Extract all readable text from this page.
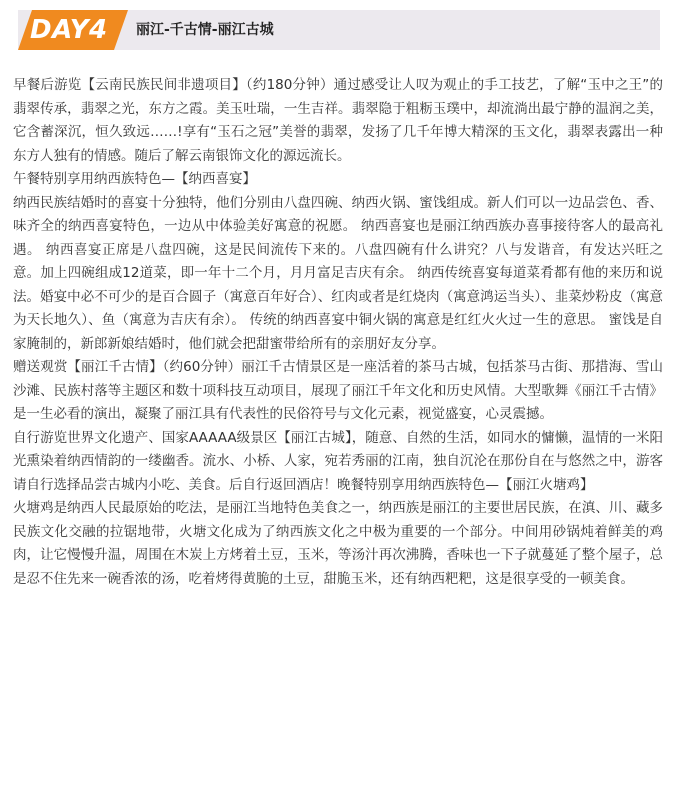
DAY4 丽江-千古情-丽江古城

早餐后游览【云南民族民间非遗项目】（约180分钟）通过感受让人叹为观止的手工技艺，了解“玉中之王”的翡翠传承，翡翠之光，东方之霞。美玉吐瑞，一生吉祥。翡翠隐于粗粝玉璞中，却流淌出最宁静的温润之美，它含蓄深沉，恒久致远……!享有“玉石之冠”美誉的翡翠，发扬了几千年博大精深的玉文化，翡翠表露出一种东方人独有的情感。随后了解云南银饰文化的源远流长。

午餐特别享用纳西族特色—【纳西喜宴】

纳西民族结婚时的喜宴十分独特，他们分别由八盘四碗、纳西火锅、蜜饯组成。新人们可以一边品尝色、香、味齐全的纳西喜宴特色，一边从中体验美好寓意的祝愿。 纳西喜宴也是丽江纳西族办喜事接待客人的最高礼遇。 纳西喜宴正席是八盘四碗，这是民间流传下来的。八盘四碗有什么讲究？八与发谐音，有发达兴旺之意。加上四碗组成12道菜，即一年十二个月，月月富足吉庆有余。 纳西传统喜宴每道菜肴都有他的来历和说法。婚宴中必不可少的是百合圆子（寓意百年好合）、红肉或者是红烧肉（寓意鸿运当头）、韭菜炒粉皮（寓意为天长地久）、鱼（寓意为吉庆有余）。 传统的纳西喜宴中铜火锅的寓意是红红火火过一生的意思。 蜜饯是自家腌制的，新郎新娘结婚时，他们就会把甜蜜带给所有的亲朋好友分享。

赠送观赏【丽江千古情】（约60分钟）丽江千古情景区是一座活着的茶马古城，包括茶马古街、那措海、雪山沙滩、民族村落等主题区和数十项科技互动项目，展现了丽江千年文化和历史风情。大型歌舞《丽江千古情》是一生必看的演出，凝聚了丽江具有代表性的民俗符号与文化元素，视觉盛宴，心灵震撼。

自行游览世界文化遗产、国家AAAAA级景区【丽江古城】，随意、自然的生活，如同水的慵懒，温情的一米阳光熏染着纳西情韵的一缕幽香。流水、小桥、人家，宛若秀丽的江南，独自沉沦在那份自在与悠然之中，游客请自行选择品尝古城内小吃、美食。后自行返回酒店！晚餐特别享用纳西族特色—【丽江火塘鸡】

火塘鸡是纳西人民最原始的吃法，是丽江当地特色美食之一，纳西族是丽江的主要世居民族，在滇、川、藏多民族文化交融的拉锯地带，火塘文化成为了纳西族文化之中极为重要的一个部分。中间用砂锅炖着鲜美的鸡肉，让它慢慢升温，周围在木炭上方烤着土豆，玉米，等汤汁再次沸腾，香味也一下子就蔓延了整个屋子，总是忍不住先来一碗香浓的汤，吃着烤得黄脆的土豆，甜脆玉米，还有纳西粑粑，这是很享受的一顿美食。
